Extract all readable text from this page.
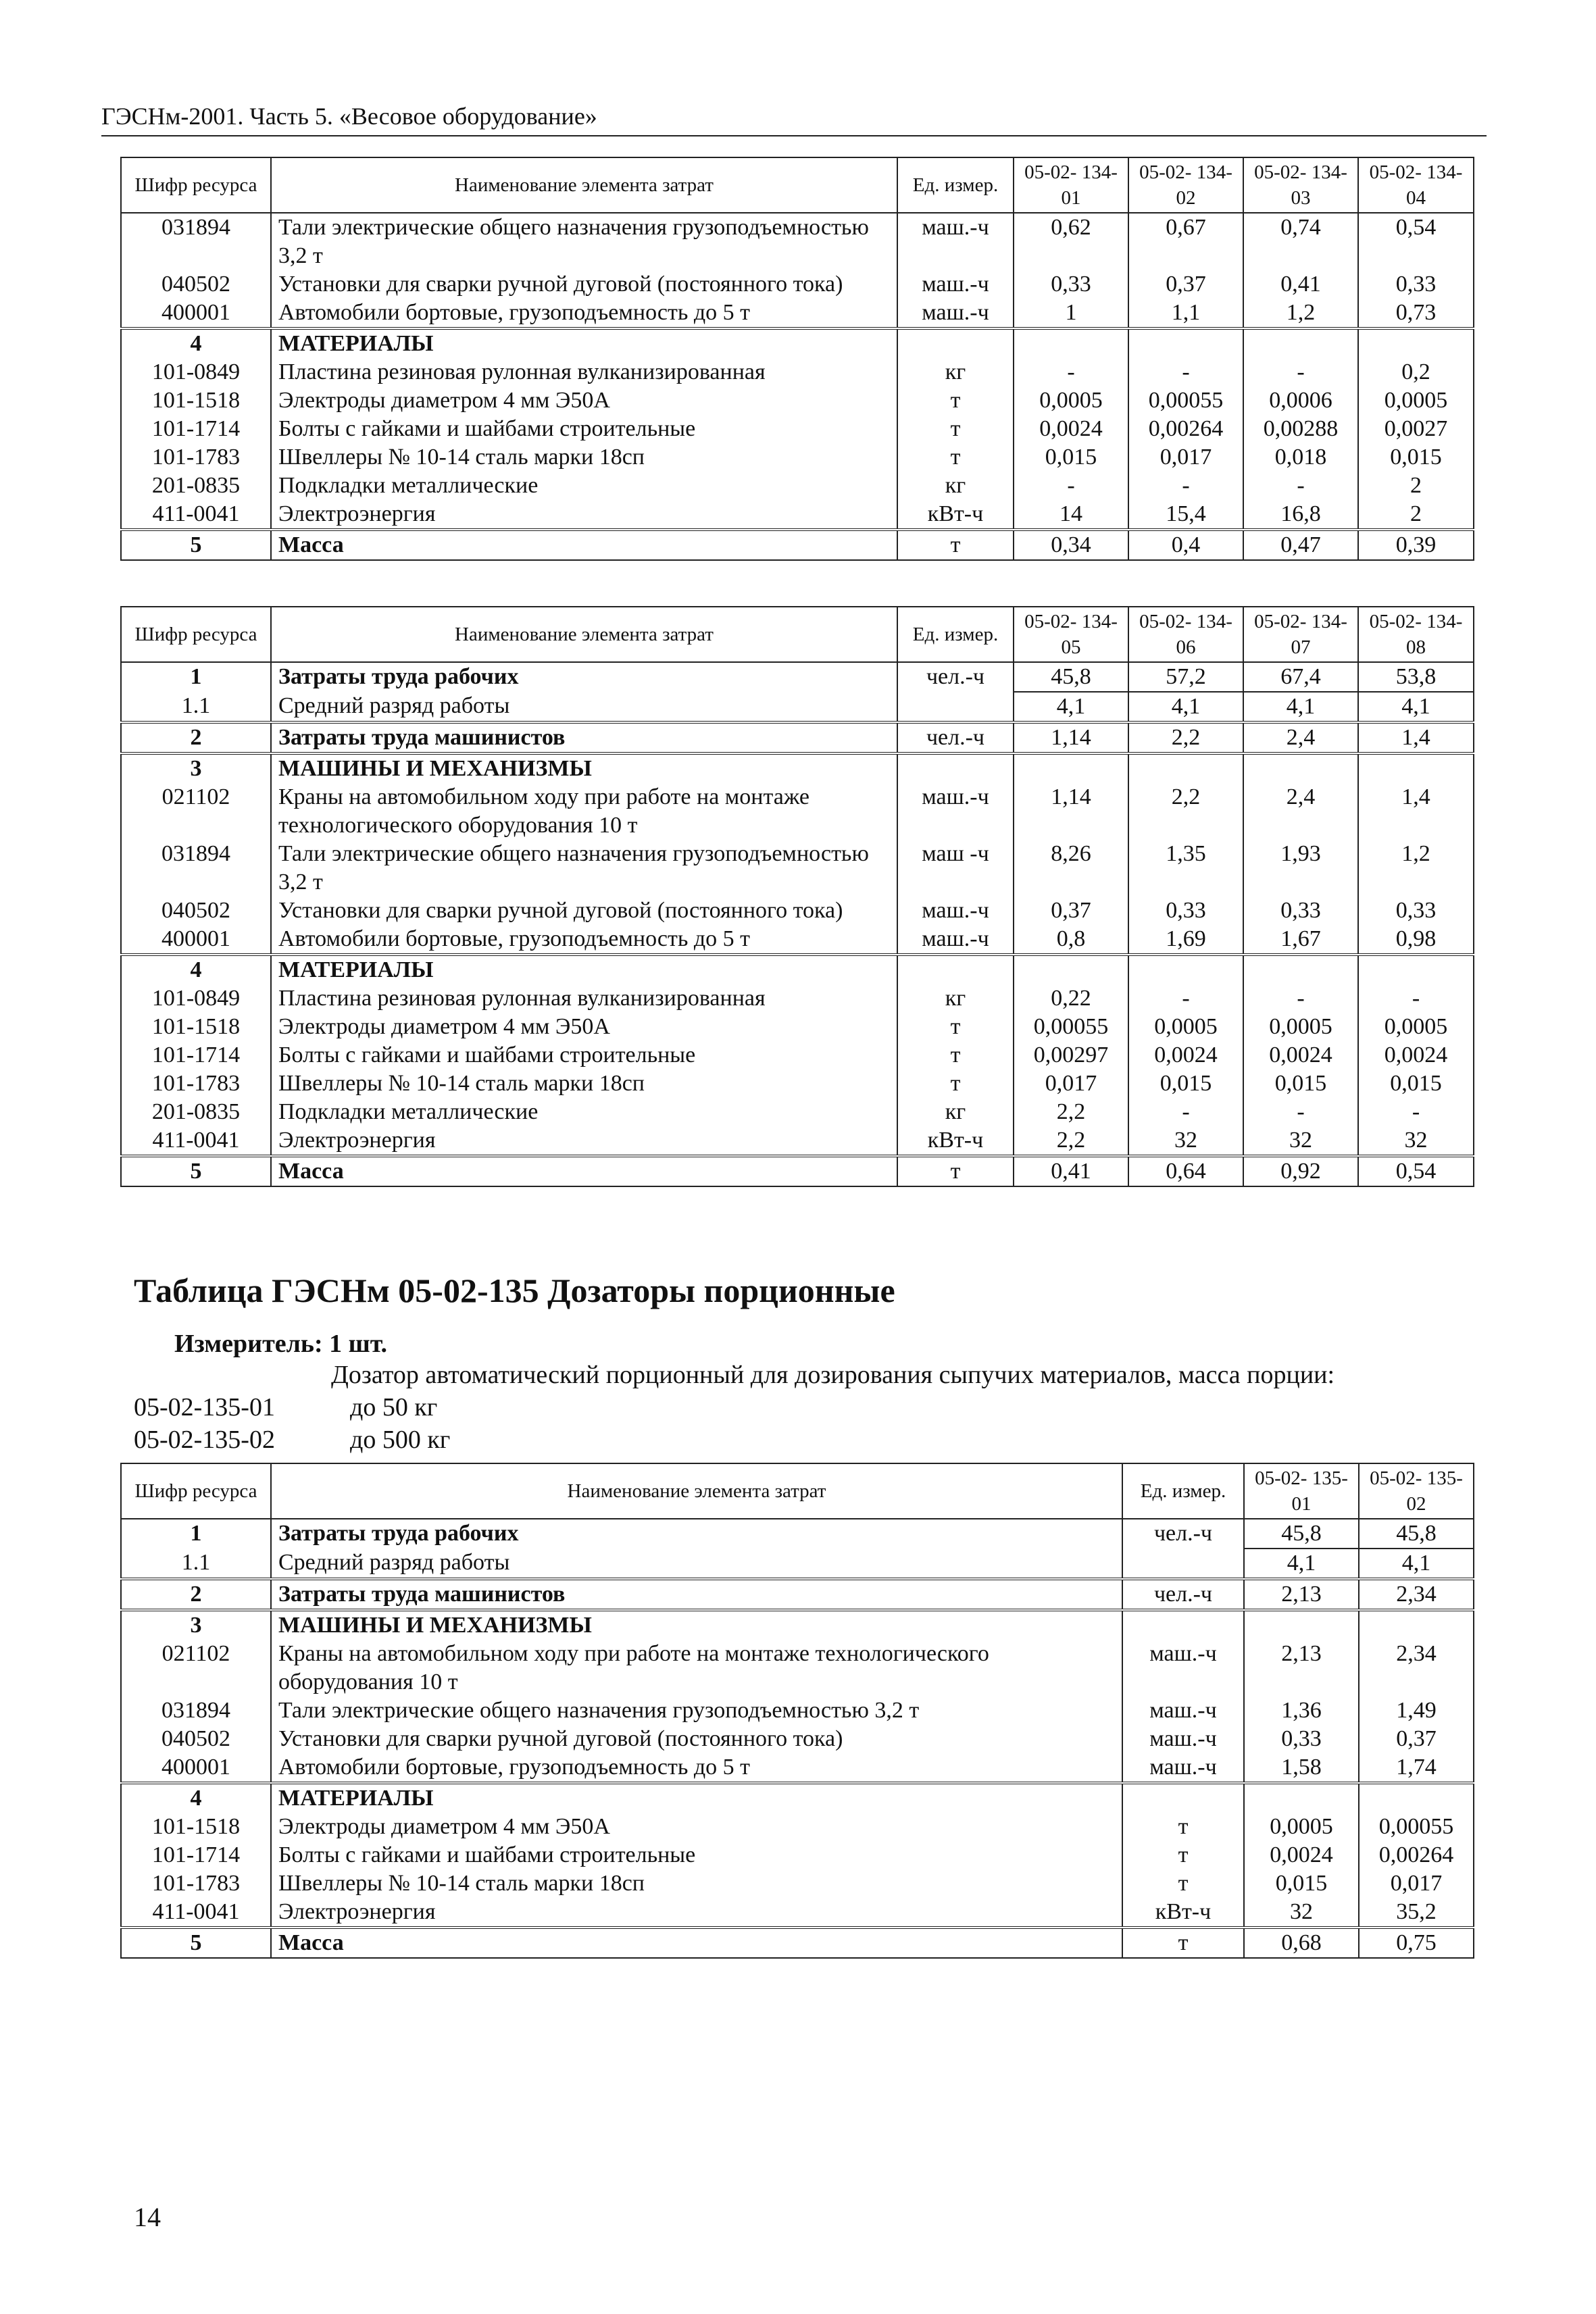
ГЭСНм-2001. Часть 5. «Весовое оборудование»
Шифр ресурса	Наименование элемента затрат	Ед. измер.	05-02- 134-01	05-02- 134-02	05-02- 134-03	05-02- 134-04
031894	Тали электрические общего назначения грузоподъемностью 3,2 т	маш.-ч	0,62	0,67	0,74	0,54
040502	Установки для сварки ручной дуговой (постоянного тока)	маш.-ч	0,33	0,37	0,41	0,33
400001	Автомобили бортовые, грузоподъемность до 5 т	маш.-ч	1	1,1	1,2	0,73
4	МАТЕРИАЛЫ					
101-0849	Пластина резиновая рулонная вулканизированная	кг	-	-	-	0,2
101-1518	Электроды диаметром 4 мм Э50А	т	0,0005	0,00055	0,0006	0,0005
101-1714	Болты с гайками и шайбами строительные	т	0,0024	0,00264	0,00288	0,0027
101-1783	Швеллеры № 10-14 сталь марки 18сп	т	0,015	0,017	0,018	0,015
201-0835	Подкладки металлические	кг	-	-	-	2
411-0041	Электроэнергия	кВт-ч	14	15,4	16,8	2
5	Масса	т	0,34	0,4	0,47	0,39
Шифр ресурса	Наименование элемента затрат	Ед. измер.	05-02- 134-05	05-02- 134-06	05-02- 134-07	05-02- 134-08
1	Затраты труда рабочих	чел.-ч	45,8	57,2	67,4	53,8
1.1	Средний разряд работы		4,1	4,1	4,1	4,1
2	Затраты труда машинистов	чел.-ч	1,14	2,2	2,4	1,4
3	МАШИНЫ И МЕХАНИЗМЫ					
021102	Краны на автомобильном ходу при работе на монтаже технологического оборудования 10 т	маш.-ч	1,14	2,2	2,4	1,4
031894	Тали электрические общего назначения грузоподъемностью 3,2 т	маш -ч	8,26	1,35	1,93	1,2
040502	Установки для сварки ручной дуговой (постоянного тока)	маш.-ч	0,37	0,33	0,33	0,33
400001	Автомобили бортовые, грузоподъемность до 5 т	маш.-ч	0,8	1,69	1,67	0,98
4	МАТЕРИАЛЫ					
101-0849	Пластина резиновая рулонная вулканизированная	кг	0,22	-	-	-
101-1518	Электроды диаметром 4 мм Э50А	т	0,00055	0,0005	0,0005	0,0005
101-1714	Болты с гайками и шайбами строительные	т	0,00297	0,0024	0,0024	0,0024
101-1783	Швеллеры № 10-14 сталь марки 18сп	т	0,017	0,015	0,015	0,015
201-0835	Подкладки металлические	кг	2,2	-	-	-
411-0041	Электроэнергия	кВт-ч	2,2	32	32	32
5	Масса	т	0,41	0,64	0,92	0,54
Таблица ГЭСНм 05-02-135 Дозаторы порционные
Измеритель: 1 шт.
Дозатор автоматический порционный для дозирования сыпучих материалов, масса порции:
05-02-135-01	до 50 кг
05-02-135-02	до 500 кг
Шифр ресурса	Наименование элемента затрат	Ед. измер.	05-02- 135-01	05-02- 135-02
1	Затраты труда рабочих	чел.-ч	45,8	45,8
1.1	Средний разряд работы		4,1	4,1
2	Затраты труда машинистов	чел.-ч	2,13	2,34
3	МАШИНЫ И МЕХАНИЗМЫ			
021102	Краны на автомобильном ходу при работе на монтаже технологического оборудования 10 т	маш.-ч	2,13	2,34
031894	Тали электрические общего назначения грузоподъемностью 3,2 т	маш.-ч	1,36	1,49
040502	Установки для сварки ручной дуговой (постоянного тока)	маш.-ч	0,33	0,37
400001	Автомобили бортовые, грузоподъемность до 5 т	маш.-ч	1,58	1,74
4	МАТЕРИАЛЫ			
101-1518	Электроды диаметром 4 мм Э50А	т	0,0005	0,00055
101-1714	Болты с гайками и шайбами строительные	т	0,0024	0,00264
101-1783	Швеллеры № 10-14 сталь марки 18сп	т	0,015	0,017
411-0041	Электроэнергия	кВт-ч	32	35,2
5	Масса	т	0,68	0,75
14
